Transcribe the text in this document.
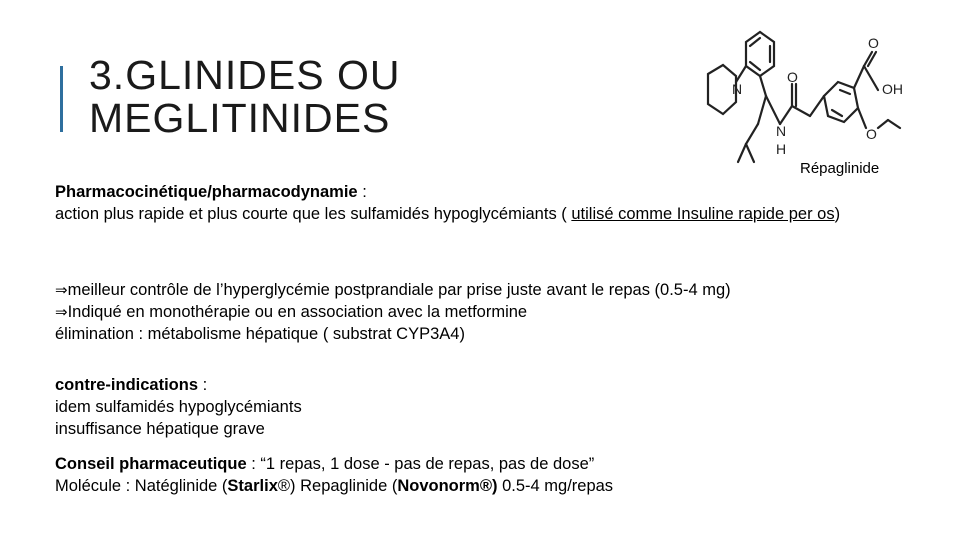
3.GLINIDES OU
MEGLITINIDES
N
N
H
O
O
OH
O
Répaglinide

Pharmacocinétique/pharmacodynamie :

action plus rapide et plus courte que les sulfamidés hypoglycémiants ( utilisé comme Insuline rapide per os)

⇒meilleur contrôle de l’hyperglycémie postprandiale par prise juste avant le repas (0.5-4 mg)

⇒Indiqué en monothérapie ou en association avec la metformine

élimination : métabolisme hépatique ( substrat CYP3A4)

contre-indications :

idem sulfamidés hypoglycémiants

insuffisance hépatique grave

Conseil pharmaceutique : “1 repas, 1 dose - pas de repas, pas de dose”

Molécule : Natéglinide (Starlix®) Repaglinide (Novonorm®) 0.5-4 mg/repas
